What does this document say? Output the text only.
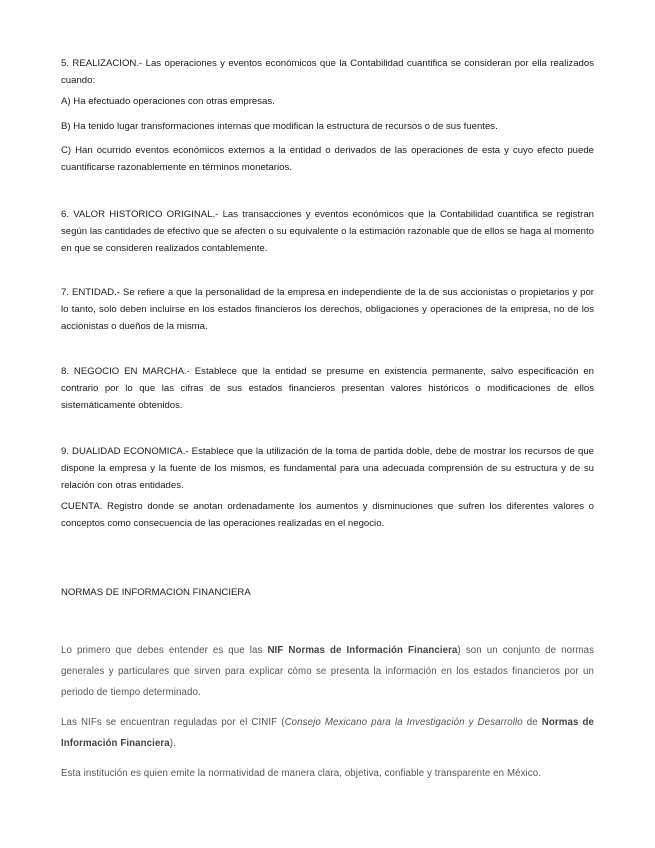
5. REALIZACION.- Las operaciones y eventos económicos que la Contabilidad cuantifica se consideran por ella realizados cuando:

A) Ha efectuado operaciones con otras empresas.

B) Ha tenido lugar transformaciones internas que modifican la estructura de recursos o de sus fuentes.

C) Han ocurrido eventos económicos externos a la entidad o derivados de las operaciones de esta y cuyo efecto puede cuantificarse razonablemente en términos monetarios.

6. VALOR HISTORICO ORIGINAL.- Las transacciones y eventos económicos que la Contabilidad cuantifica se registran según las cantidades de efectivo que se afecten o su equivalente o la estimación razonable que de ellos se haga al momento en que se consideren realizados contablemente.

7. ENTIDAD.- Se refiere a que la personalidad de la empresa en independiente de la de sus accionistas o propietarios y por lo tanto, solo deben incluirse en los estados financieros los derechos, obligaciones y operaciones de la empresa, no de los accionistas o dueños de la misma.

8. NEGOCIO EN MARCHA.- Establece que la entidad se presume en existencia permanente, salvo especificación en contrario por lo que las cifras de sus estados financieros presentan valores históricos o modificaciones de ellos sistemáticamente obtenidos.

9. DUALIDAD ECONOMICA.- Establece que la utilización de la toma de partida doble, debe de mostrar los recursos de que dispone la empresa y la fuente de los mismos, es fundamental para una adecuada comprensión de su estructura y de su relación con otras entidades.

CUENTA. Registro donde se anotan ordenadamente los aumentos y disminuciones que sufren los diferentes valores o conceptos como consecuencia de las operaciones realizadas en el negocio.

NORMAS DE INFORMACION FINANCIERA

Lo primero que debes entender es que las NIF Normas de Información Financiera) son un conjunto de normas generales y particulares que sirven para explicar cómo se presenta la información en los estados financieros por un periodo de tiempo determinado.

Las NIFs se encuentran reguladas por el CINIF (Consejo Mexicano para la Investigación y Desarrollo de Normas de Información Financiera).

Esta institución es quien emite la normatividad de manera clara, objetiva, confiable y transparente en México.
